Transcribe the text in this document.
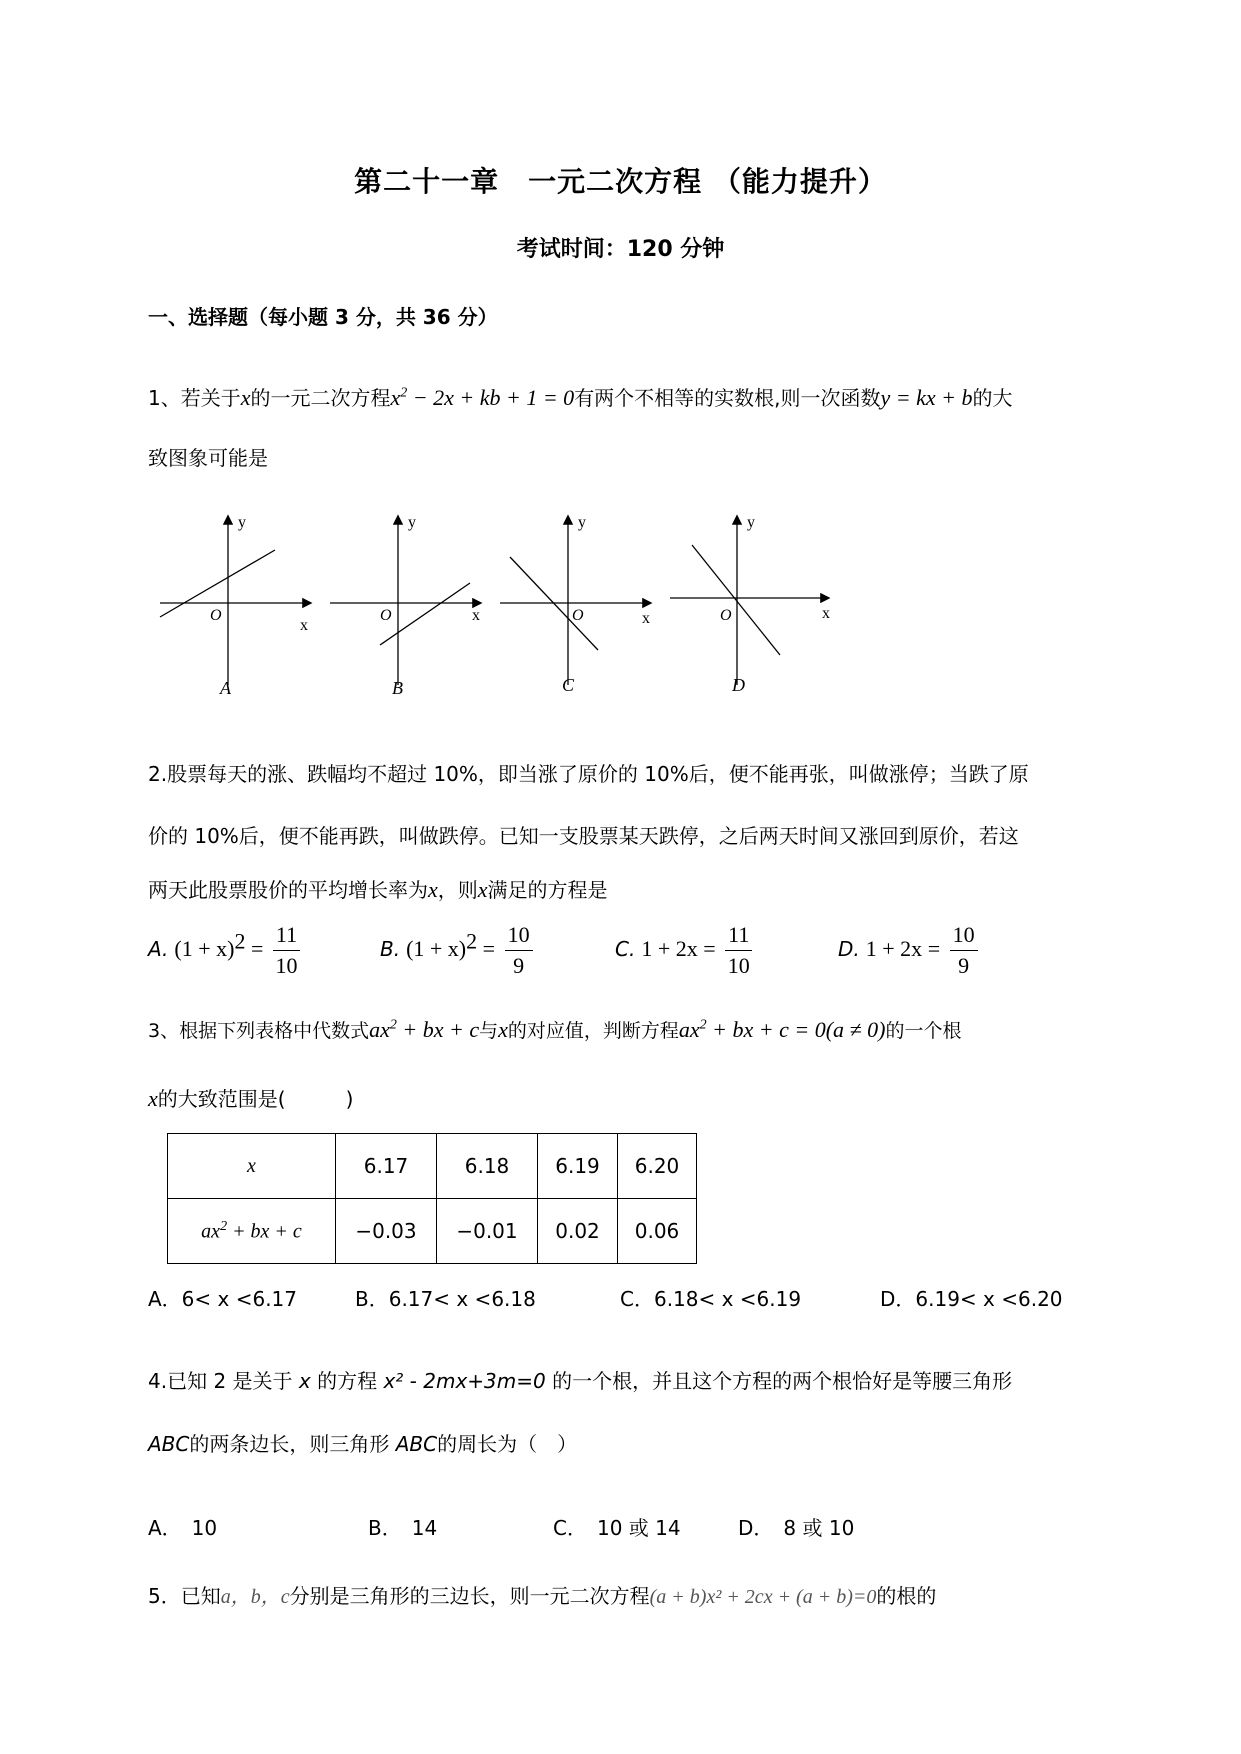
第二十一章　一元二次方程 （能力提升）
考试时间：120 分钟
一、选择题（每小题 3 分，共 36 分）
1、若关于x的一元二次方程$x^2 - 2x$ + kb + 1 = 0有两个不相等的实数根,则一次函数y = kx + b的大
致图象可能是
y
x
O
y
x
O
y
x
O
y
x
O
A	B	C	D
2.股票每天的涨、跌幅均不超过 10%，即当涨了原价的 10%后，便不能再张，叫做涨停；当跌了原
价的 10%后，便不能再跌，叫做跌停。已知一支股票某天跌停，之后两天时间又涨回到原价，若这
两天此股票股价的平均增长率为x，则x满足的方程是
A. $(1 + x)^2 = \frac{11}{10}$	B. $(1 + x)^2 = \frac{10}{9}$	C. $1 + 2x = \frac{11}{10}$	D. $1 + 2x = \frac{10}{9}$
3、根据下列表格中代数式$ax^2$ + bx + c与x的对应值，判断方程$ax^2$ + bx + c = 0(a ≠ 0)的一个根
x的大致范围是(　　　)
x	6.17	6.18	6.19	6.20
$ax^2$ + bx + c	−0.03	−0.01	0.02	0.06
A．6< x <6.17	B．6.17< x <6.18	C．6.18< x <6.19	D．6.19< x <6.20
4.已知 2 是关于 x 的方程 x² - 2mx+3m=0 的一个根，并且这个方程的两个根恰好是等腰三角形
ABC的两条边长，则三角形 ABC的周长为（　）
A．　10	B．　14	C．　10 或 14	D．　8 或 10
5．已知a，b，c分别是三角形的三边长，则一元二次方程(a + b)x² + 2cx + (a + b)=0的根的
